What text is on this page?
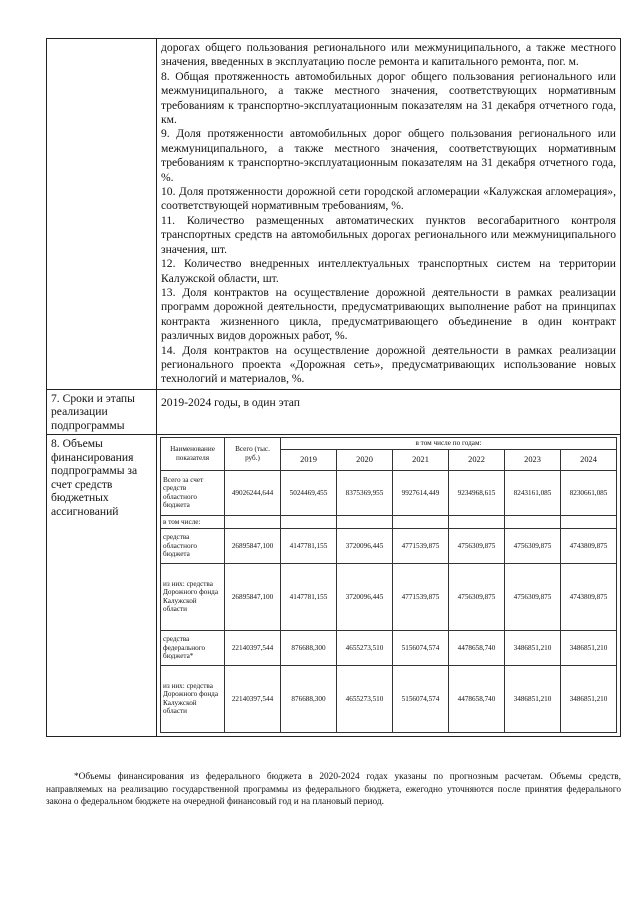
дорогах общего пользования регионального или межмуниципального, а также местного значения, введенных в эксплуатацию после ремонта и капитального ремонта, пог. м.

8. Общая протяженность автомобильных дорог общего пользования регионального или межмуниципального, а также местного значения, соответствующих нормативным требованиям к транспортно-эксплуатационным показателям на 31 декабря отчетного года, км.

9. Доля протяженности автомобильных дорог общего пользования регионального или межмуниципального, а также местного значения, соответствующих нормативным требованиям к транспортно-эксплуатационным показателям на 31 декабря отчетного года, %.

10. Доля протяженности дорожной сети городской агломерации «Калужская агломерация», соответствующей нормативным требованиям, %.

11. Количество размещенных автоматических пунктов весогабаритного контроля транспортных средств на автомобильных дорогах регионального или межмуниципального значения, шт.

12. Количество внедренных интеллектуальных транспортных систем на территории Калужской области, шт.

13. Доля контрактов на осуществление дорожной деятельности в рамках реализации программ дорожной деятельности, предусматривающих выполнение работ на принципах контракта жизненного цикла, предусматривающего объединение в один контракт различных видов дорожных работ, %.

14. Доля контрактов на осуществление дорожной деятельности в рамках реализации регионального проекта «Дорожная сеть», предусматривающих использование новых технологий и материалов, %.

7. Сроки и этапы реализации подпрограммы	2019-2024 годы, в один этап
8. Объемы финансирования подпрограммы за счет средств бюджетных ассигнований	
Наименование показателя	Всего (тыс. руб.)	в том числе по годам:
2019	2020	2021	2022	2023	2024
Всего за счет средств областного бюджета	49026244,644	5024469,455	8375369,955	9927614,449	9234968,615	8243161,085	8230661,085
в том числе:							
средства областного бюджета	26895847,100	4147781,155	3720096,445	4771539,875	4756309,875	4756309,875	4743809,875
из них: средства Дорожного фонда Калужской области	26895847,100	4147781,155	3720096,445	4771539,875	4756309,875	4756309,875	4743809,875
средства федерального бюджета*	22140397,544	876688,300	4655273,510	5156074,574	4478658,740	3486851,210	3486851,210
из них: средства Дорожного фонда Калужской области	22140397,544	876688,300	4655273,510	5156074,574	4478658,740	3486851,210	3486851,210

*Объемы финансирования из федерального бюджета в 2020-2024 годах указаны по прогнозным расчетам. Объемы средств, направляемых на реализацию государственной программы из федерального бюджета, ежегодно уточняются после принятия федерального закона о федеральном бюджете на очередной финансовый год и на плановый период.
